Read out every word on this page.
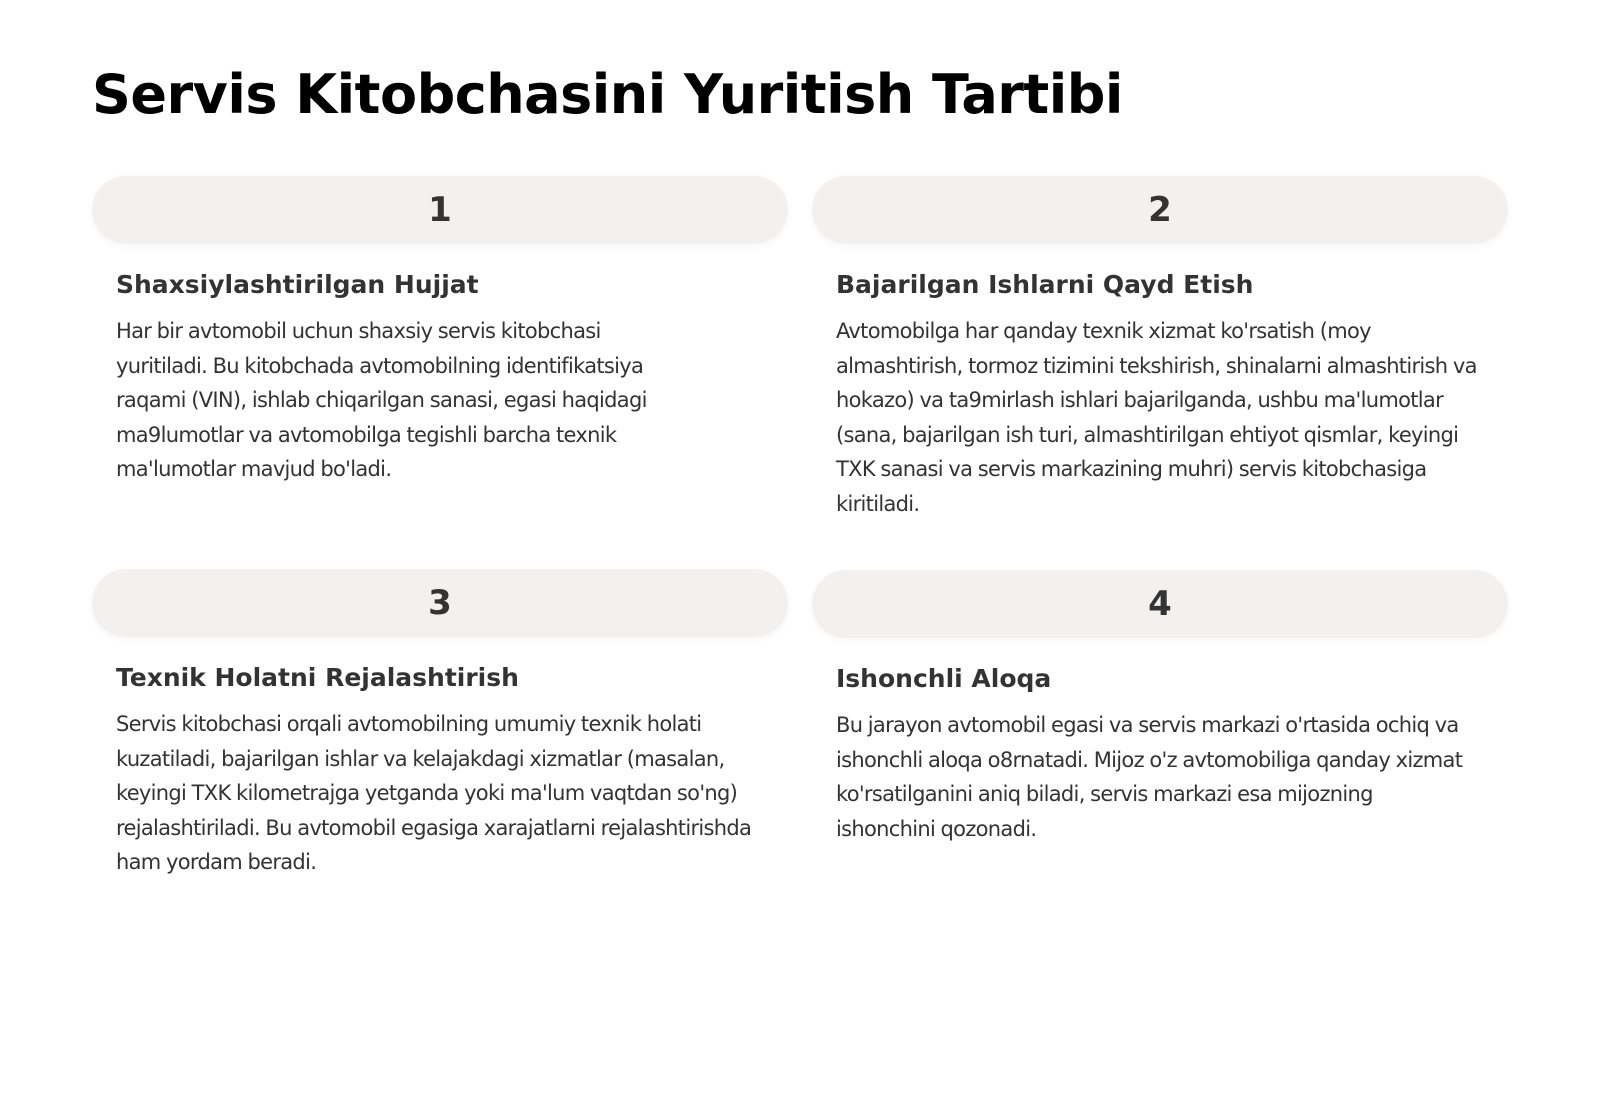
Servis Kitobchasini Yuritish Tartibi
1
Shaxsiylashtirilgan Hujjat

Har bir avtomobil uchun shaxsiy servis kitobchasi yuritiladi. Bu kitobchada avtomobilning identifikatsiya raqami (VIN), ishlab chiqarilgan sanasi, egasi haqidagi ma9lumotlar va avtomobilga tegishli barcha texnik ma'lumotlar mavjud bo'ladi.

2
Bajarilgan Ishlarni Qayd Etish

Avtomobilga har qanday texnik xizmat ko'rsatish (moy almashtirish, tormoz tizimini tekshirish, shinalarni almashtirish va hokazo) va ta9mirlash ishlari bajarilganda, ushbu ma'lumotlar (sana, bajarilgan ish turi, almashtirilgan ehtiyot qismlar, keyingi TXK sanasi va servis markazining muhri) servis kitobchasiga kiritiladi.

3
Texnik Holatni Rejalashtirish

Servis kitobchasi orqali avtomobilning umumiy texnik holati kuzatiladi, bajarilgan ishlar va kelajakdagi xizmatlar (masalan, keyingi TXK kilometrajga yetganda yoki ma'lum vaqtdan so'ng) rejalashtiriladi. Bu avtomobil egasiga xarajatlarni rejalashtirishda ham yordam beradi.

4
Ishonchli Aloqa

Bu jarayon avtomobil egasi va servis markazi o'rtasida ochiq va ishonchli aloqa o8rnatadi. Mijoz o'z avtomobiliga qanday xizmat ko'rsatilganini aniq biladi, servis markazi esa mijozning ishonchini qozonadi.
